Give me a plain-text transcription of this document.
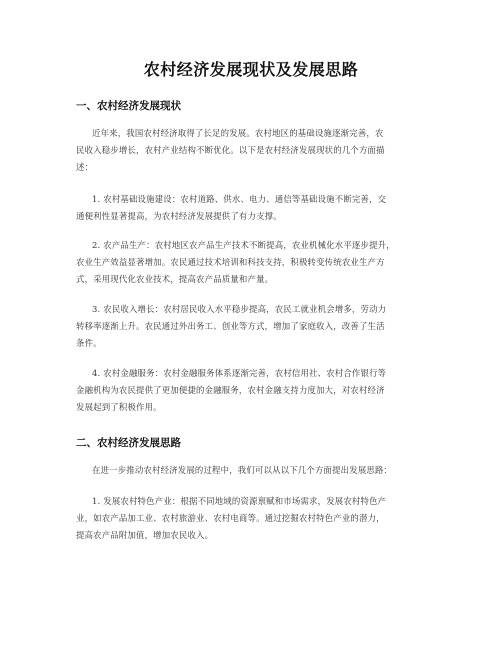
农村经济发展现状及发展思路
一、农村经济发展现状
近年来，我国农村经济取得了长足的发展。农村地区的基础设施逐渐完善，农
民收入稳步增长，农村产业结构不断优化。以下是农村经济发展现状的几个方面描
述：
1. 农村基础设施建设：农村道路、供水、电力、通信等基础设施不断完善，交
通便利性显著提高，为农村经济发展提供了有力支撑。
2. 农产品生产：农村地区农产品生产技术不断提高，农业机械化水平逐步提升，
农业生产效益显著增加。农民通过技术培训和科技支持，积极转变传统农业生产方
式，采用现代化农业技术，提高农产品质量和产量。
3. 农民收入增长：农村居民收入水平稳步提高，农民工就业机会增多，劳动力
转移率逐渐上升。农民通过外出务工、创业等方式，增加了家庭收入，改善了生活
条件。
4. 农村金融服务：农村金融服务体系逐渐完善，农村信用社、农村合作银行等
金融机构为农民提供了更加便捷的金融服务，农村金融支持力度加大，对农村经济
发展起到了积极作用。
二、农村经济发展思路
在进一步推动农村经济发展的过程中，我们可以从以下几个方面提出发展思路：
1. 发展农村特色产业：根据不同地域的资源禀赋和市场需求，发展农村特色产
业，如农产品加工业、农村旅游业、农村电商等。通过挖掘农村特色产业的潜力，
提高农产品附加值，增加农民收入。
